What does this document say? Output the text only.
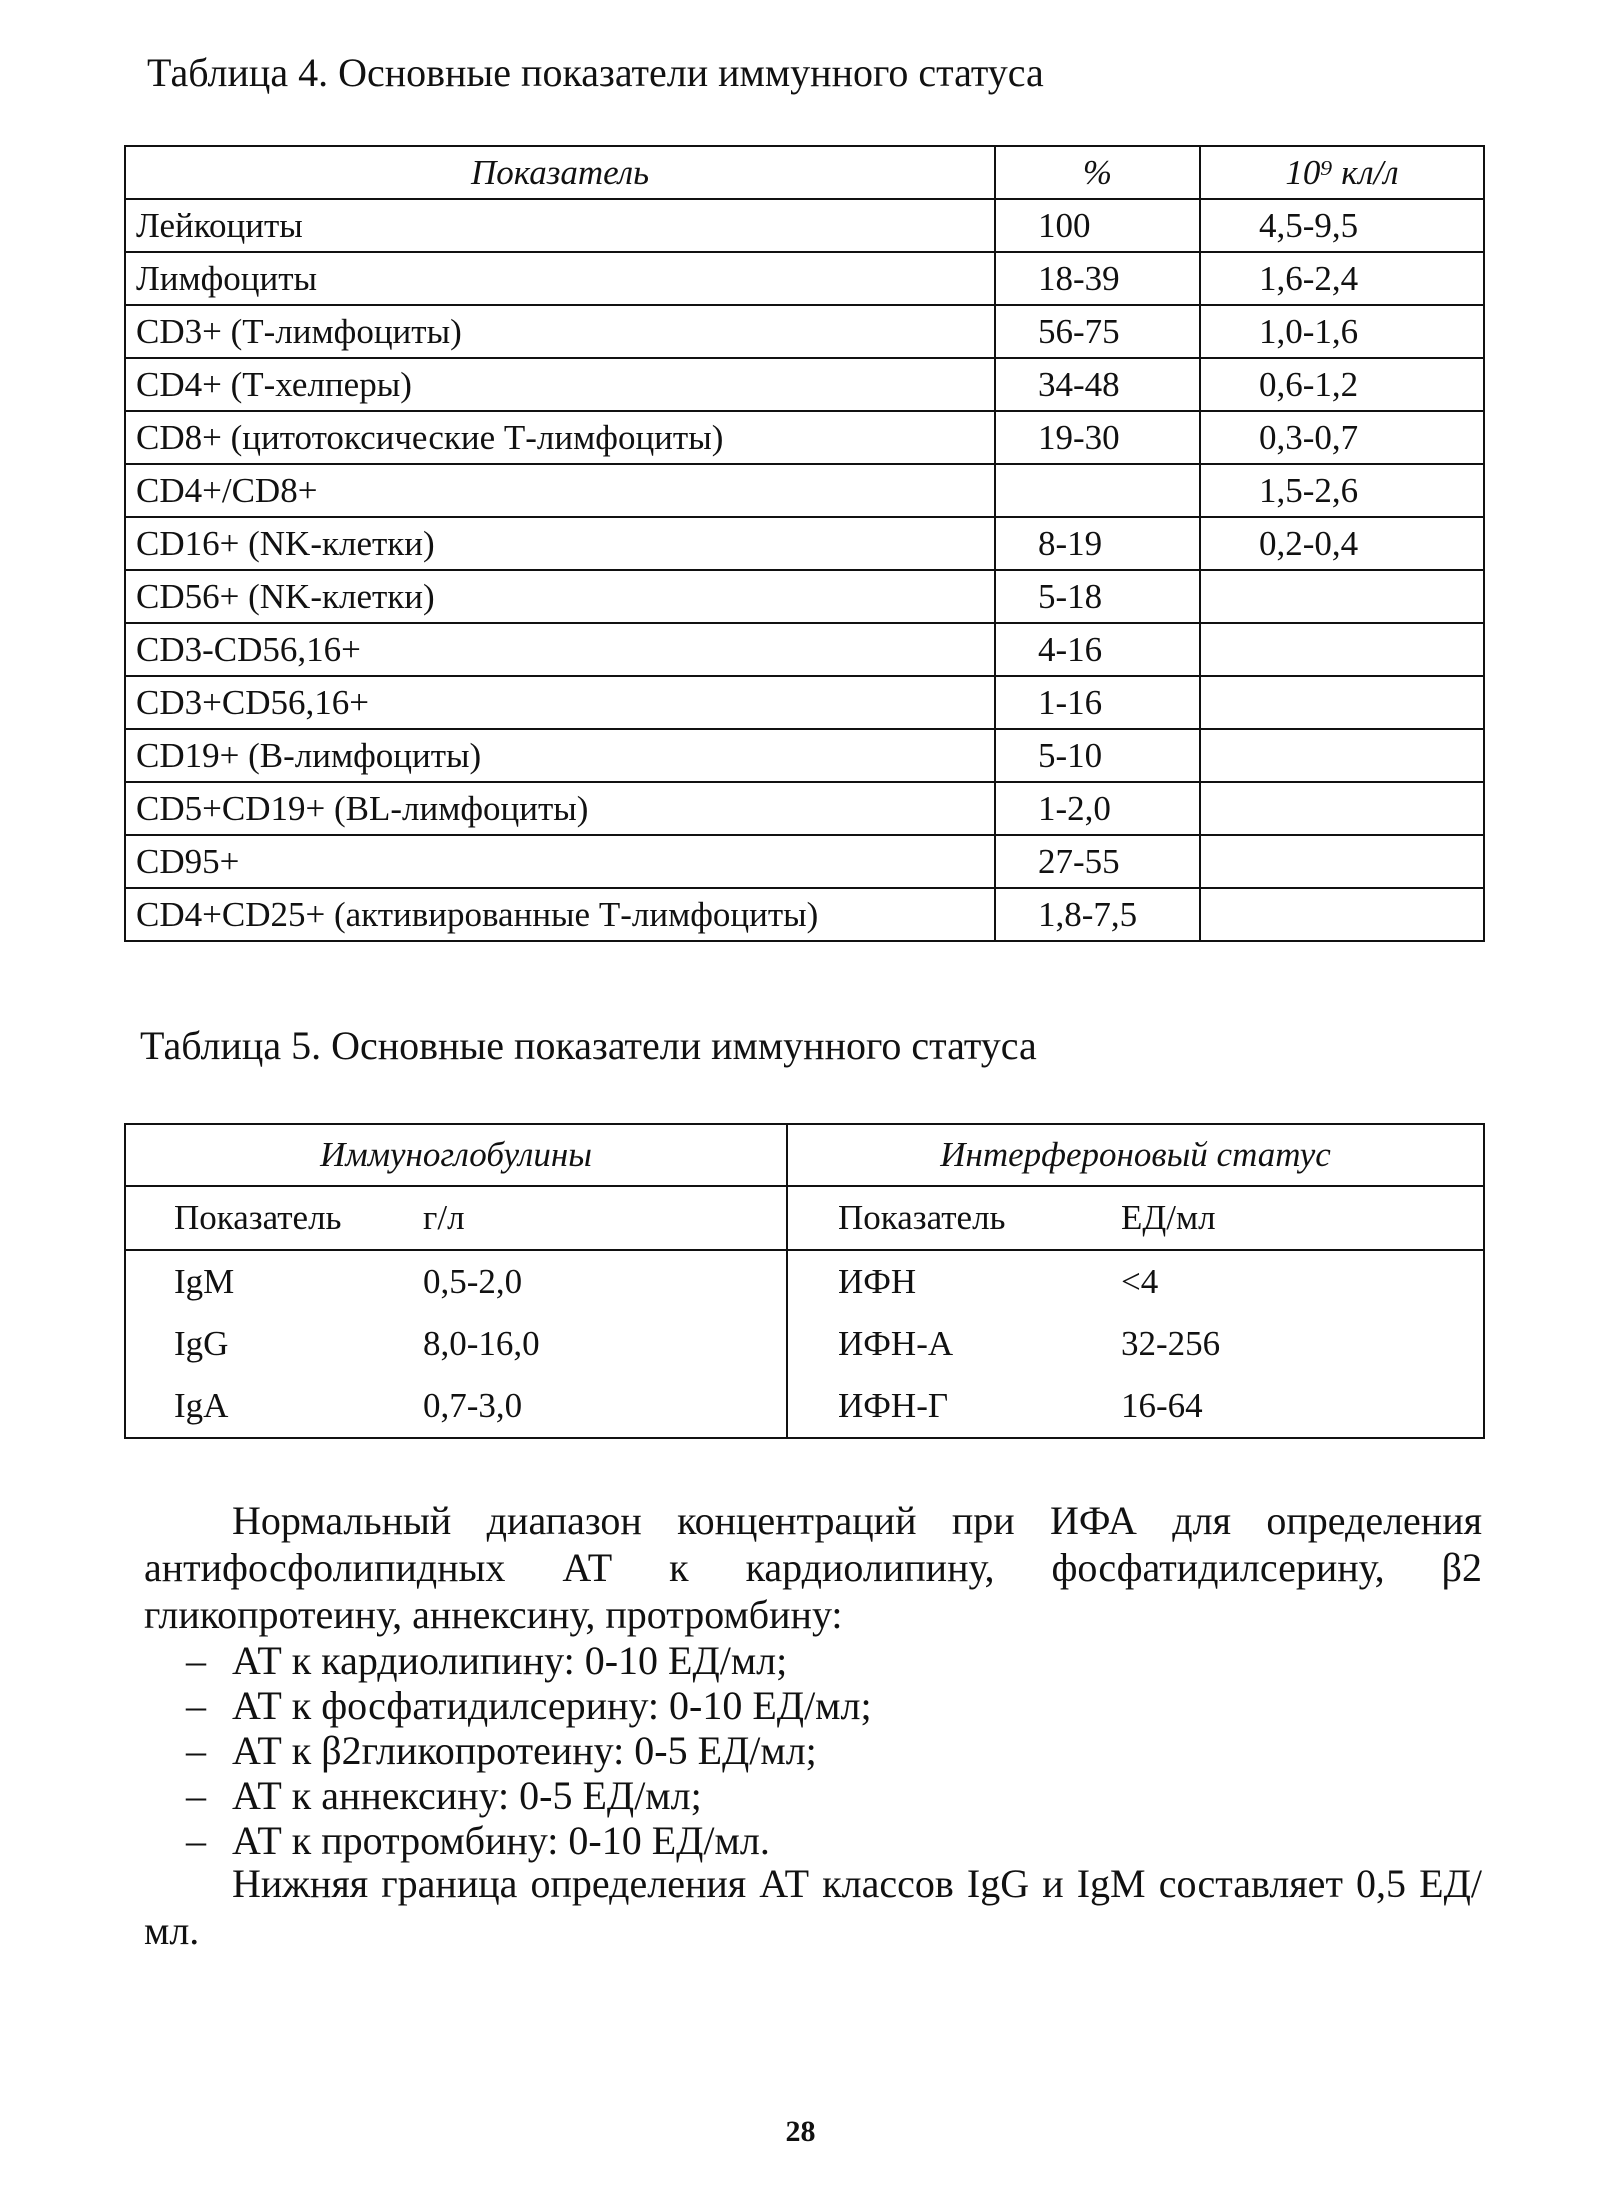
Таблица 4. Основные показатели иммунного статуса
Показатель	%	10⁹ кл/л
Лейкоциты	100	4,5-9,5
Лимфоциты	18-39	1,6-2,4
CD3+ (Т-лимфоциты)	56-75	1,0-1,6
CD4+ (Т-хелперы)	34-48	0,6-1,2
CD8+ (цитотоксические Т-лимфоциты)	19-30	0,3-0,7
CD4+/CD8+		1,5-2,6
CD16+ (NK-клетки)	8-19	0,2-0,4
CD56+ (NK-клетки)	5-18	
CD3-CD56,16+	4-16	
CD3+CD56,16+	1-16	
CD19+ (В-лимфоциты)	5-10	
CD5+CD19+ (BL-лимфоциты)	1-2,0	
CD95+	27-55	
CD4+CD25+ (активированные Т-лимфоциты)	1,8-7,5	
Таблица 5. Основные показатели иммунного статуса
Иммуноглобулины		Интерфероновый статус	
Показатель	г/л	Показатель	ЕД/мл
IgM	0,5-2,0	ИФН	<4
IgG	8,0-16,0	ИФН-А	32-256
IgA	0,7-3,0	ИФН-Г	16-64

Нормальный диапазон концентраций при ИФА для определения антифосфолипидных АТ к кардиолипину, фосфатидилсерину, β2 гликопротеину, аннексину, протромбину:

– АТ к кардиолипину: 0-10 ЕД/мл;
– АТ к фосфатидилсерину: 0-10 ЕД/мл;
– АТ к β2гликопротеину: 0-5 ЕД/мл;
– АТ к аннексину: 0-5 ЕД/мл;
– АТ к протромбину: 0-10 ЕД/мл.

Нижняя граница определения АТ классов IgG и IgM составляет 0,5 ЕД/мл.

28
